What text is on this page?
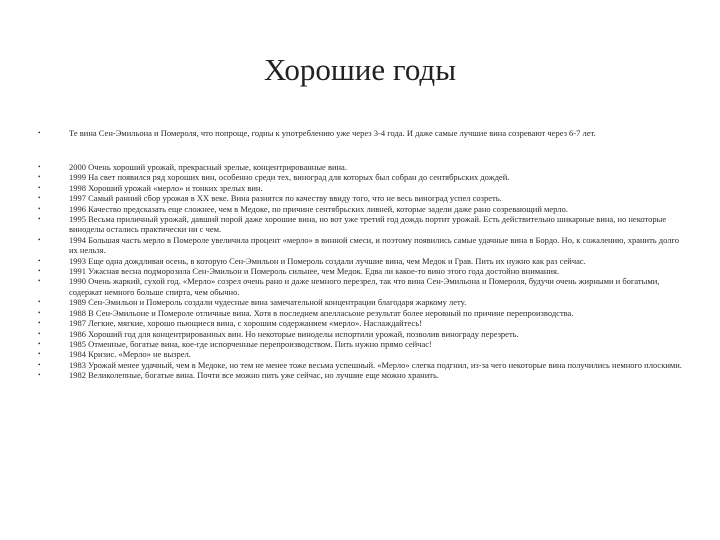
Хорошие годы
•	Те вина Сен-Эмильона и Помероля, что попроще, годны к употреблению уже через 3-4 года. И даже самые лучшие вина созревают через 6-7 лет.
•	2000 Очень хороший урожай, прекрасный зрелые, концентрированные вина.
•	1999 На свет появился ряд хороших вин, особенно среди тех, виноград для которых был собран до сентябрьских дождей.
•	1998 Хороший урожай «мерло» и тонких зрелых вин.
•	1997 Самый ранний сбор урожая в XX веке. Вина разнятся по качеству ввиду того, что не весь виноград успел созреть.
•	1996 Качество предсказать еще сложнее, чем в Медоке, по причине сентябрьских ливней, которые задели даже рано созревающий мерло.
•	1995 Весьма приличный урожай, давший порой даже хорошие вина, но вот уже третий год дождь портит урожай. Есть действительно шикарные вина, но некоторые виноделы остались практически ни с чем.
•	1994 Большая часть мерло в Помероле увеличила процент «мерло» в винной смеси, и поэтому появились самые удачные вина в Бордо. Но, к сожалению, хранить долго их нельзя.
•	1993 Еще одна дождливая осень, в которую Сен-Эмильон и Помероль создали лучшие вина, чем Медок и Грав. Пить их нужно как раз сейчас.
•	1991 Ужасная весна подморозила Сен-Эмильон и Помероль сильнее, чем Медок. Едва ли какое-то вино этого года достойно внимания.
•	1990 Очень жаркий, сухой год. «Мерло» созрел очень рано и даже немного перезрел, так что вина Сен-Эмильона и Помероля, будучи очень жирными и богатыми, содержат немного больше спирта, чем обычно.
•	1989 Сен-Эмильон и Помероль создали чудесные вина замечательной концентрации благодаря жаркому лету.
•	1988 В Сен-Эмильоне и Помероле отличные вина. Хотя в последнем апелласьоне результат более неровный по причине перепроизводства.
•	1987 Легкие, мягкие, хорошо пьющиеся вина, с хорошим содержанием «мерло». Наслаждайтесь!
•	1986 Хороший год для концентрированных вин. Но некоторые виноделы испортили урожай, позволив винограду перезреть.
•	1985 Отменные, богатые вина, кое-где испорченные перепроизводством. Пить нужно прямо сейчас!
•	1984 Кризис. «Мерло» не вызрел.
•	1983 Урожай менее удачный, чем в Медоке, но тем не менее тоже весьма успешный. «Мерло» слегка подгнил, из-за чего некоторые вина получились немного плоскими.
•	1982 Великолепные, богатые вина. Почти все можно пить уже сейчас, но лучшие еще можно хранить.
